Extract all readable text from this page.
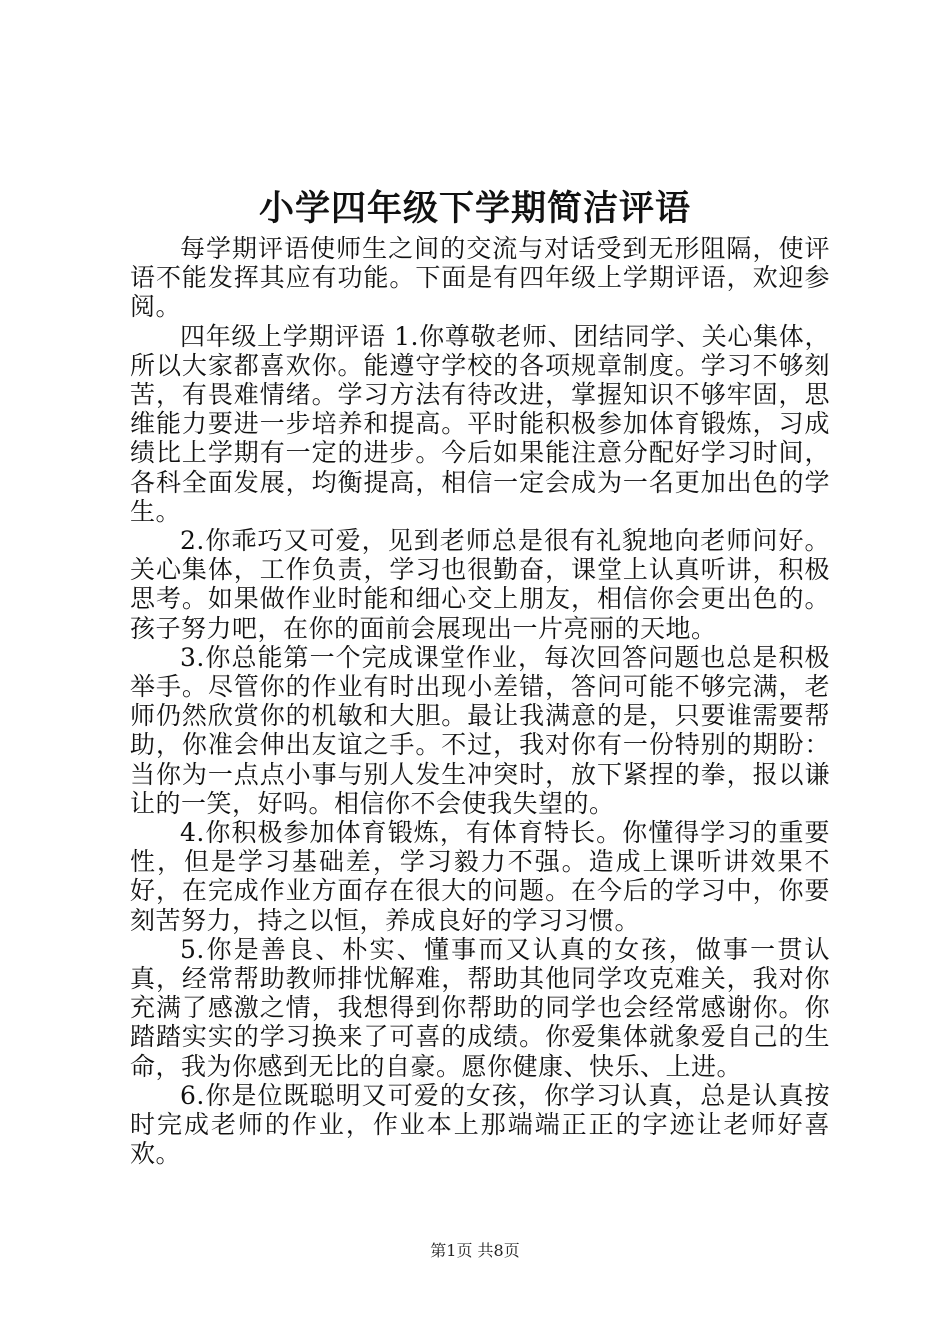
小学四年级下学期简洁评语

每学期评语使师生之间的交流与对话受到无形阻隔，使评语不能发挥其应有功能。下面是有四年级上学期评语，欢迎参阅。

四年级上学期评语 1.你尊敬老师、团结同学、关心集体，所以大家都喜欢你。能遵守学校的各项规章制度。学习不够刻苦，有畏难情绪。学习方法有待改进，掌握知识不够牢固，思维能力要进一步培养和提高。平时能积极参加体育锻炼，习成绩比上学期有一定的进步。今后如果能注意分配好学习时间，各科全面发展，均衡提高，相信一定会成为一名更加出色的学生。

2.你乖巧又可爱，见到老师总是很有礼貌地向老师问好。关心集体，工作负责，学习也很勤奋，课堂上认真听讲，积极思考。如果做作业时能和细心交上朋友，相信你会更出色的。孩子努力吧，在你的面前会展现出一片亮丽的天地。

3.你总能第一个完成课堂作业，每次回答问题也总是积极举手。尽管你的作业有时出现小差错，答问可能不够完满，老师仍然欣赏你的机敏和大胆。最让我满意的是，只要谁需要帮助，你准会伸出友谊之手。不过，我对你有一份特别的期盼：当你为一点点小事与别人发生冲突时，放下紧捏的拳，报以谦让的一笑，好吗。相信你不会使我失望的。

4.你积极参加体育锻炼，有体育特长。你懂得学习的重要性，但是学习基础差，学习毅力不强。造成上课听讲效果不好，在完成作业方面存在很大的问题。在今后的学习中，你要刻苦努力，持之以恒，养成良好的学习习惯。

5.你是善良、朴实、懂事而又认真的女孩，做事一贯认真，经常帮助教师排忧解难，帮助其他同学攻克难关，我对你充满了感激之情，我想得到你帮助的同学也会经常感谢你。你踏踏实实的学习换来了可喜的成绩。你爱集体就象爱自己的生命，我为你感到无比的自豪。愿你健康、快乐、上进。

6.你是位既聪明又可爱的女孩，你学习认真，总是认真按时完成老师的作业，作业本上那端端正正的字迹让老师好喜欢。

第1页 共8页
